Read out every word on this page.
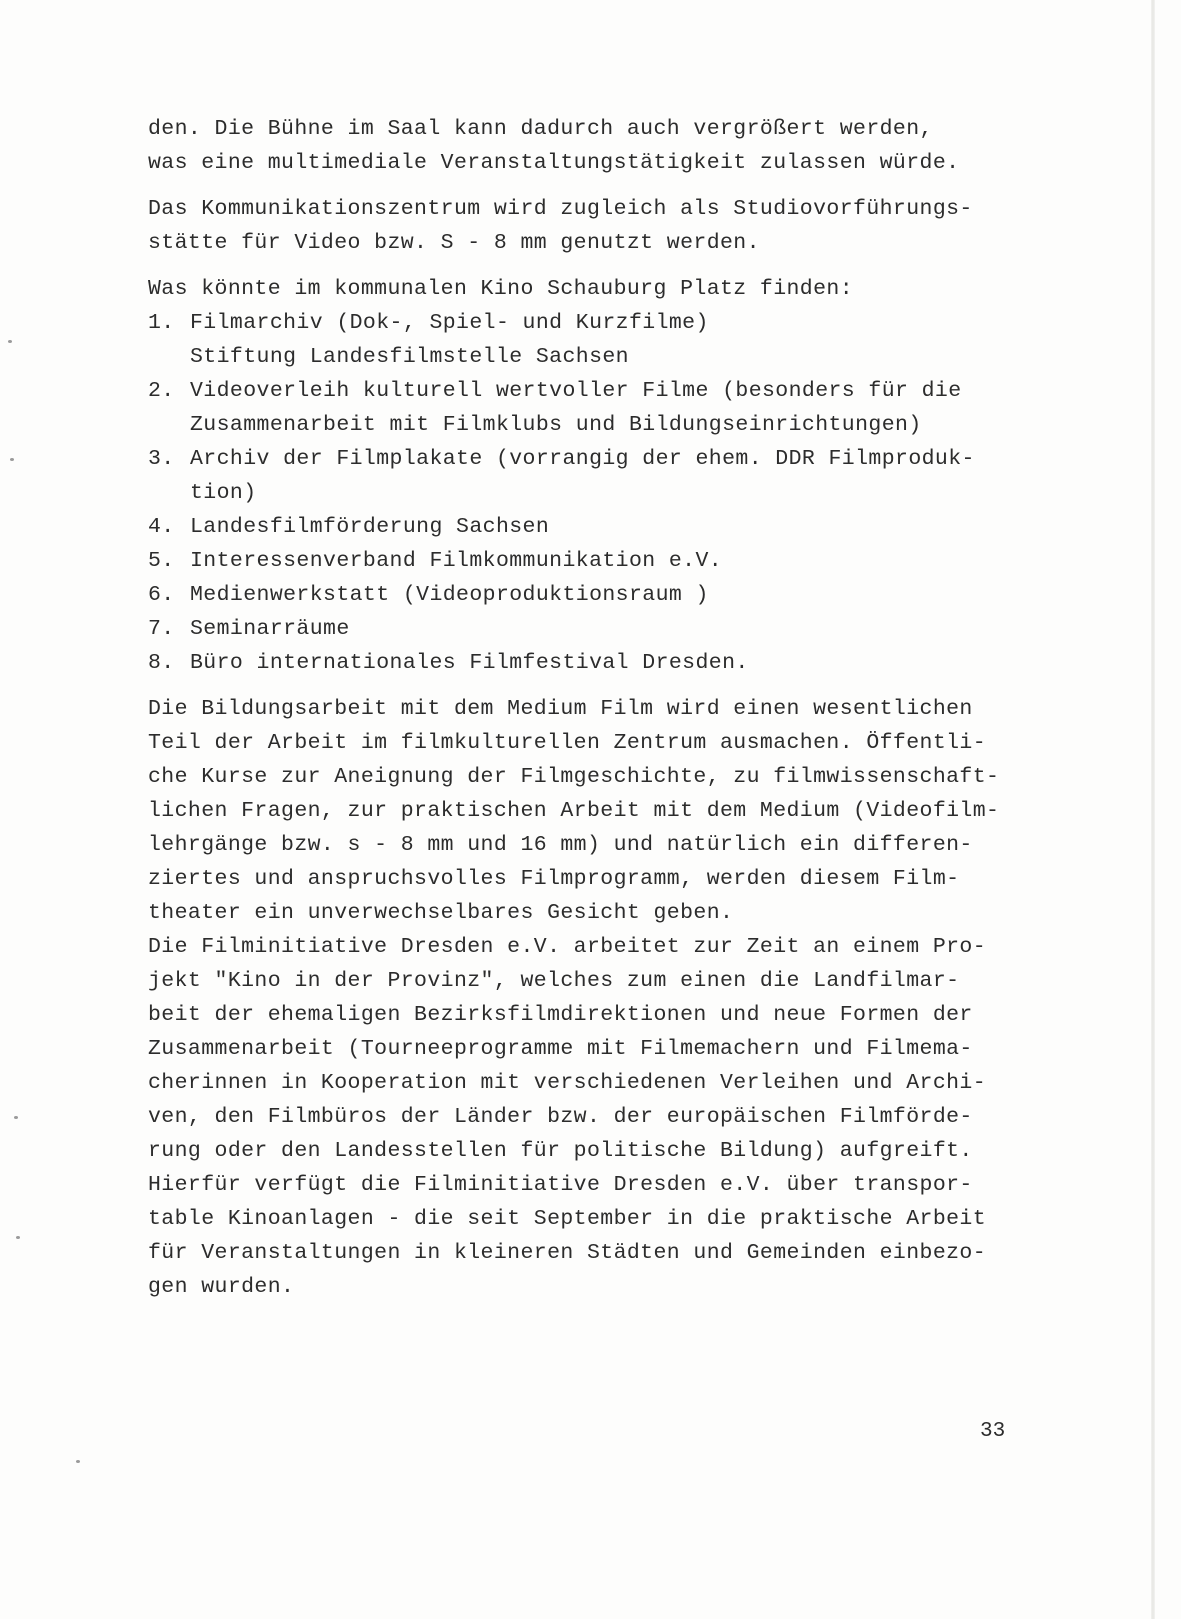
den. Die Bühne im Saal kann dadurch auch vergrößert werden,
was eine multimediale Veranstaltungstätigkeit zulassen würde.
Das Kommunikationszentrum wird zugleich als Studiovorführungs-
stätte für Video bzw. S - 8 mm genutzt werden.
Was könnte im kommunalen Kino Schauburg Platz finden:
1. Filmarchiv (Dok-, Spiel- und Kurzfilme)
Stiftung Landesfilmstelle Sachsen
2. Videoverleih kulturell wertvoller Filme (besonders für die
Zusammenarbeit mit Filmklubs und Bildungseinrichtungen)
3. Archiv der Filmplakate (vorrangig der ehem. DDR Filmproduk-
tion)
4. Landesfilmförderung Sachsen
5. Interessenverband Filmkommunikation e.V.
6. Medienwerkstatt (Videoproduktionsraum )
7. Seminarräume
8. Büro internationales Filmfestival Dresden.
Die Bildungsarbeit mit dem Medium Film wird einen wesentlichen
Teil der Arbeit im filmkulturellen Zentrum ausmachen. Öffentli-
che Kurse zur Aneignung der Filmgeschichte, zu filmwissenschaft-
lichen Fragen, zur praktischen Arbeit mit dem Medium (Videofilm-
lehrgänge bzw. s - 8 mm und 16 mm) und natürlich ein differen-
ziertes und anspruchsvolles Filmprogramm, werden diesem Film-
theater ein unverwechselbares Gesicht geben.
Die Filminitiative Dresden e.V. arbeitet zur Zeit an einem Pro-
jekt "Kino in der Provinz", welches zum einen die Landfilmar-
beit der ehemaligen Bezirksfilmdirektionen und neue Formen der
Zusammenarbeit (Tourneeprogramme mit Filmemachern und Filmema-
cherinnen in Kooperation mit verschiedenen Verleihen und Archi-
ven, den Filmbüros der Länder bzw. der europäischen Filmförde-
rung oder den Landesstellen für politische Bildung) aufgreift.
Hierfür verfügt die Filminitiative Dresden e.V. über transpor-
table Kinoanlagen - die seit September in die praktische Arbeit
für Veranstaltungen in kleineren Städten und Gemeinden einbezo-
gen wurden.
33
